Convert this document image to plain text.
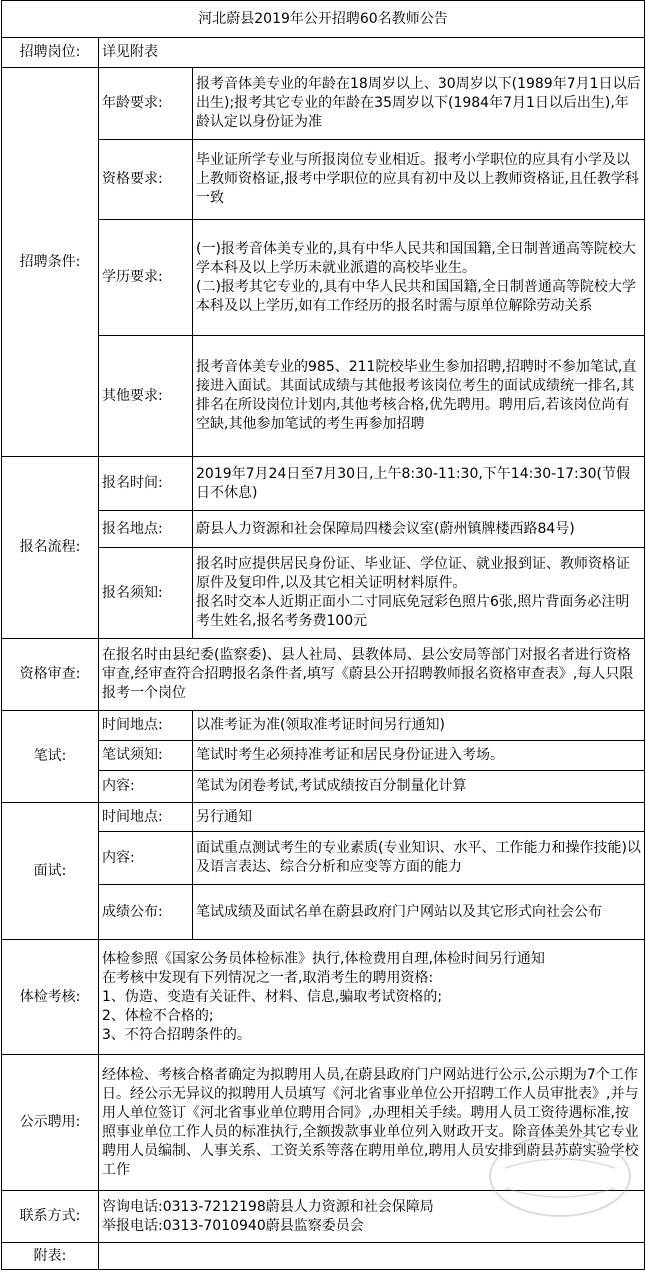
河北蔚县2019年公开招聘60名教师公告		
招聘岗位:	详见附表	
招聘条件:	年龄要求:	报考音体美专业的年龄在18周岁以上、30周岁以下(1989年7月1日以后出生);报考其它专业的年龄在35周岁以下(1984年7月1日以后出生),年龄认定以身份证为准
	资格要求:	毕业证所学专业与所报岗位专业相近。报考小学职位的应具有小学及以上教师资格证,报考中学职位的应具有初中及以上教师资格证,且任教学科一致
	学历要求:	(一)报考音体美专业的,具有中华人民共和国国籍,全日制普通高等院校大学本科及以上学历未就业派遣的高校毕业生。
(二)报考其它专业的,具有中华人民共和国国籍,全日制普通高等院校大学本科及以上学历,如有工作经历的报名时需与原单位解除劳动关系
	其他要求:	报考音体美专业的985、211院校毕业生参加招聘,招聘时不参加笔试,直接进入面试。其面试成绩与其他报考该岗位考生的面试成绩统一排名,其排名在所设岗位计划内,其他考核合格,优先聘用。聘用后,若该岗位尚有空缺,其他参加笔试的考生再参加招聘
报名流程:	报名时间:	2019年7月24日至7月30日,上午8:30-11:30,下午14:30-17:30(节假日不休息)
	报名地点:	蔚县人力资源和社会保障局四楼会议室(蔚州镇牌楼西路84号)
	报名须知:	报名时应提供居民身份证、毕业证、学位证、就业报到证、教师资格证原件及复印件,以及其它相关证明材料原件。
报名时交本人近期正面小二寸同底免冠彩色照片6张,照片背面务必注明考生姓名,报名考务费100元
资格审查:	在报名时由县纪委(监察委)、县人社局、县教体局、县公安局等部门对报名者进行资格审查,经审查符合招聘报名条件者,填写《蔚县公开招聘教师报名资格审查表》,每人只限报考一个岗位	
笔试:	时间地点:	以准考证为准(领取准考证时间另行通知)
	笔试须知:	笔试时考生必须持准考证和居民身份证进入考场。
	内容:	笔试为闭卷考试,考试成绩按百分制量化计算
面试:	时间地点:	另行通知
	内容:	面试重点测试考生的专业素质(专业知识、水平、工作能力和操作技能)以及语言表达、综合分析和应变等方面的能力
	成绩公布:	笔试成绩及面试名单在蔚县政府门户网站以及其它形式向社会公布
体检考核:	体检参照《国家公务员体检标准》执行,体检费用自理,体检时间另行通知
在考核中发现有下列情况之一者,取消考生的聘用资格:
1、伪造、变造有关证件、材料、信息,骗取考试资格的;
2、体检不合格的;
3、不符合招聘条件的。	
公示聘用:	经体检、考核合格者确定为拟聘用人员,在蔚县政府门户网站进行公示,公示期为7个工作日。经公示无异议的拟聘用人员填写《河北省事业单位公开招聘工作人员审批表》,并与用人单位签订《河北省事业单位聘用合同》,办理相关手续。聘用人员工资待遇标准,按照事业单位工作人员的标准执行,全额拨款事业单位列入财政开支。除音体美外其它专业聘用人员编制、人事关系、工资关系等落在聘用单位,聘用人员安排到蔚县苏蔚实验学校工作	
联系方式:	咨询电话:0313-7212198蔚县人力资源和社会保障局
举报电话:0313-7010940蔚县监察委员会	
附表:		
